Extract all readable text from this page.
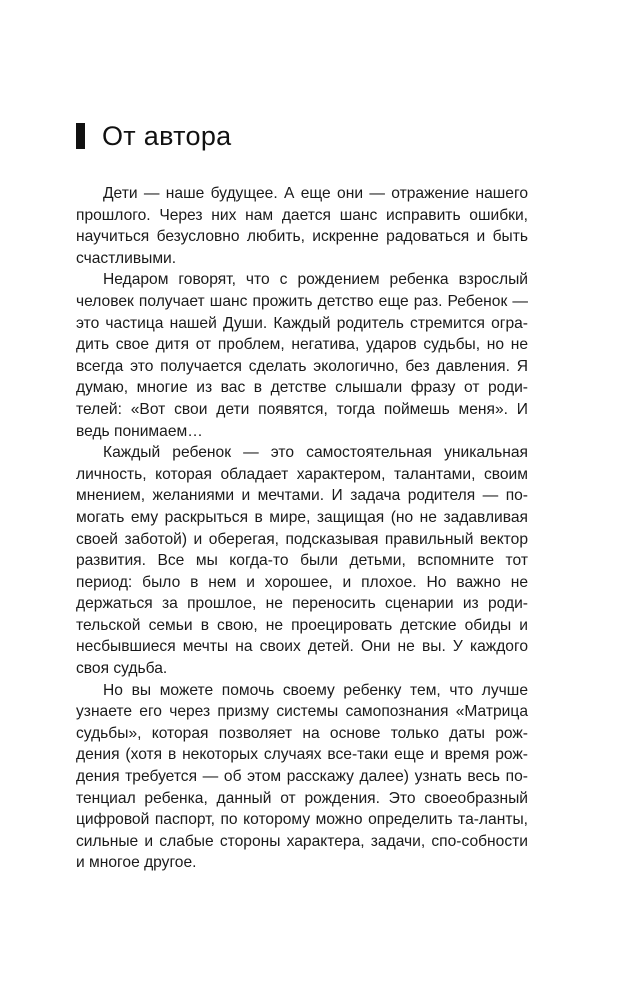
От автора

Дети — наше будущее. А еще они — отражение нашего прошлого. Через них нам дается шанс исправить ошибки, научиться безусловно любить, искренне радоваться и быть счастливыми.

Недаром говорят, что с рождением ребенка взрослый человек получает шанс прожить детство еще раз. Ребенок — это частица нашей Души. Каждый родитель стремится огра-дить свое дитя от проблем, негатива, ударов судьбы, но не всегда это получается сделать экологично, без давления. Я думаю, многие из вас в детстве слышали фразу от роди-телей: «Вот свои дети появятся, тогда поймешь меня». И ведь понимаем…

Каждый ребенок — это самостоятельная уникальная личность, которая обладает характером, талантами, своим мнением, желаниями и мечтами. И задача родителя — по-могать ему раскрыться в мире, защищая (но не задавливая своей заботой) и оберегая, подсказывая правильный вектор развития. Все мы когда-то были детьми, вспомните тот период: было в нем и хорошее, и плохое. Но важно не держаться за прошлое, не переносить сценарии из роди-тельской семьи в свою, не проецировать детские обиды и несбывшиеся мечты на своих детей. Они не вы. У каждого своя судьба.

Но вы можете помочь своему ребенку тем, что лучше узнаете его через призму системы самопознания «Матрица судьбы», которая позволяет на основе только даты рож-дения (хотя в некоторых случаях все-таки еще и время рож-дения требуется — об этом расскажу далее) узнать весь по-тенциал ребенка, данный от рождения. Это своеобразный цифровой паспорт, по которому можно определить та-ланты, сильные и слабые стороны характера, задачи, спо-собности и многое другое.
